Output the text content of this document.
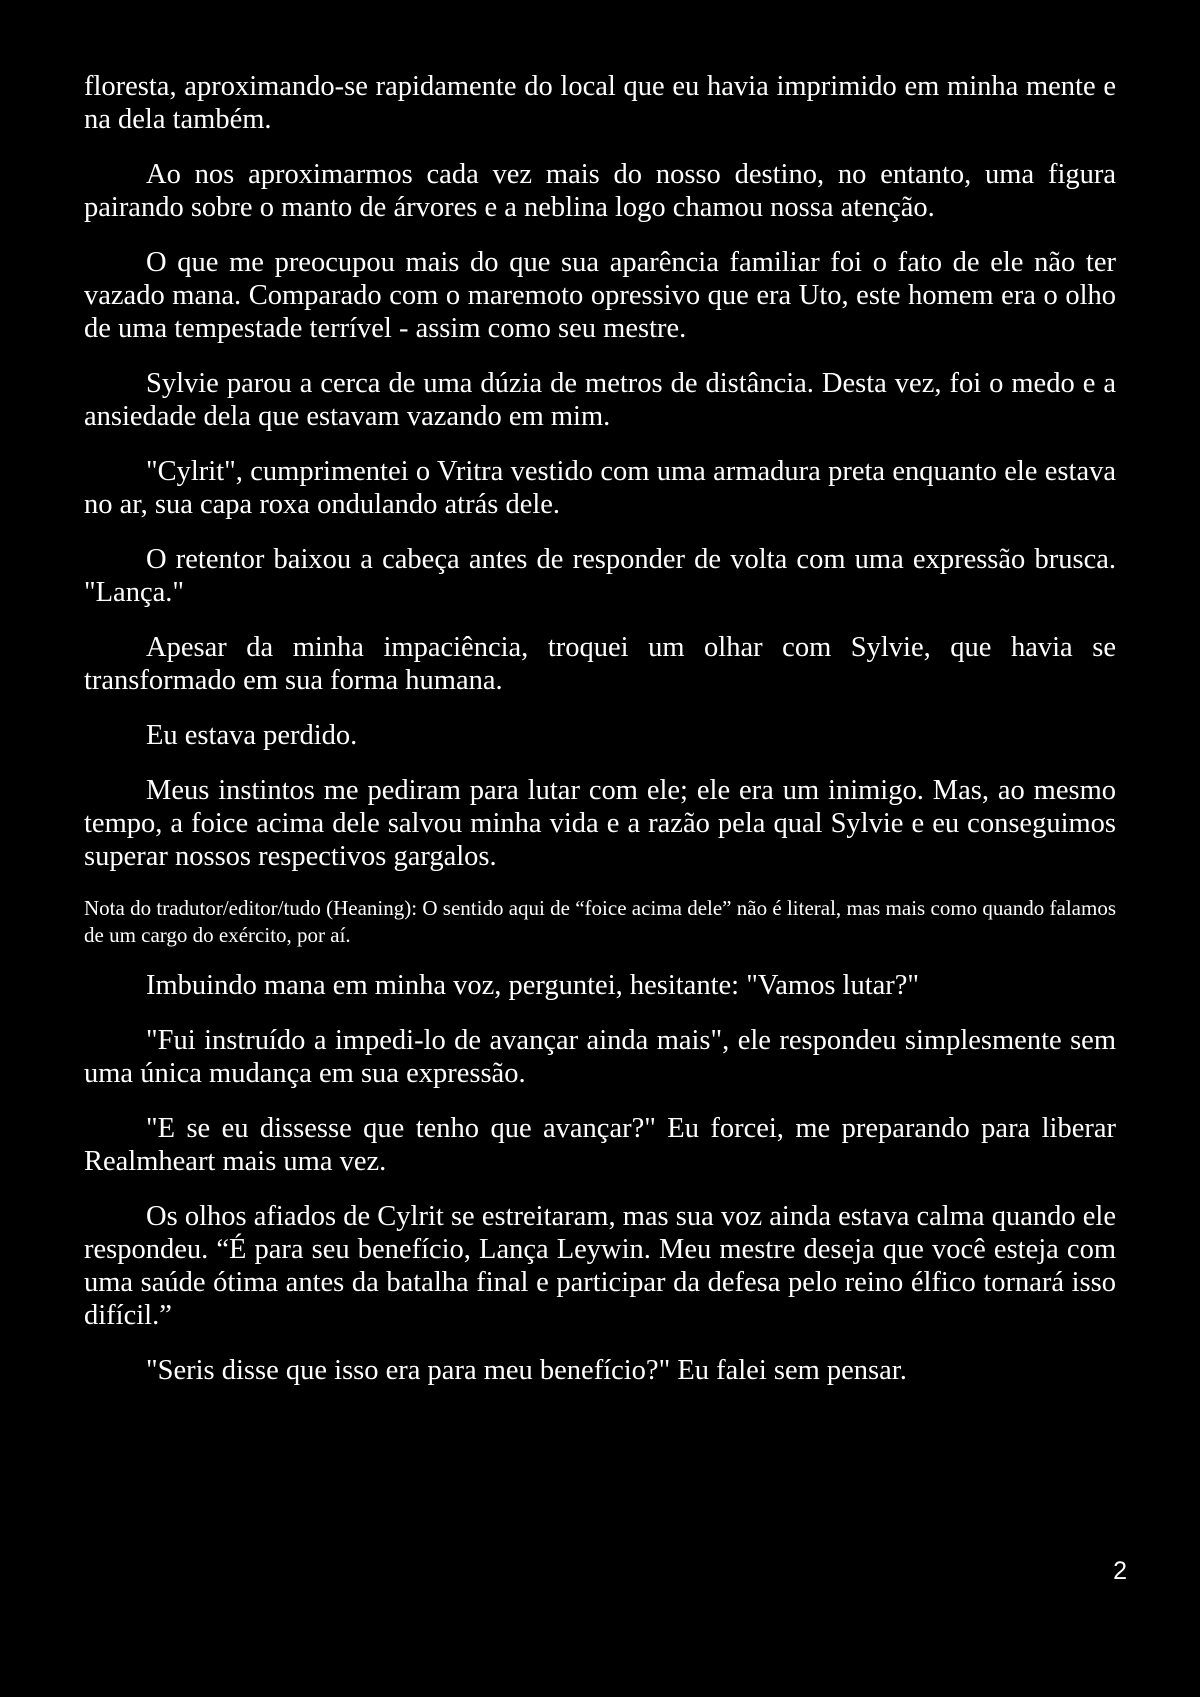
floresta, aproximando-se rapidamente do local que eu havia imprimido em minha mente e na dela também.

Ao nos aproximarmos cada vez mais do nosso destino, no entanto, uma figura pairando sobre o manto de árvores e a neblina logo chamou nossa atenção.

O que me preocupou mais do que sua aparência familiar foi o fato de ele não ter vazado mana. Comparado com o maremoto opressivo que era Uto, este homem era o olho de uma tempestade terrível - assim como seu mestre.

Sylvie parou a cerca de uma dúzia de metros de distância. Desta vez, foi o medo e a ansiedade dela que estavam vazando em mim.

"Cylrit", cumprimentei o Vritra vestido com uma armadura preta enquanto ele estava no ar, sua capa roxa ondulando atrás dele.

O retentor baixou a cabeça antes de responder de volta com uma expressão brusca. "Lança."

Apesar da minha impaciência, troquei um olhar com Sylvie, que havia se transformado em sua forma humana.

Eu estava perdido.

Meus instintos me pediram para lutar com ele; ele era um inimigo. Mas, ao mesmo tempo, a foice acima dele salvou minha vida e a razão pela qual Sylvie e eu conseguimos superar nossos respectivos gargalos.

Nota do tradutor/editor/tudo (Heaning): O sentido aqui de “foice acima dele” não é literal, mas mais como quando falamos de um cargo do exército, por aí.

Imbuindo mana em minha voz, perguntei, hesitante: "Vamos lutar?"

"Fui instruído a impedi-lo de avançar ainda mais", ele respondeu simplesmente sem uma única mudança em sua expressão.

"E se eu dissesse que tenho que avançar?" Eu forcei, me preparando para liberar Realmheart mais uma vez.

Os olhos afiados de Cylrit se estreitaram, mas sua voz ainda estava calma quando ele respondeu. “É para seu benefício, Lança Leywin. Meu mestre deseja que você esteja com uma saúde ótima antes da batalha final e participar da defesa pelo reino élfico tornará isso difícil.”

"Seris disse que isso era para meu benefício?" Eu falei sem pensar.

2
